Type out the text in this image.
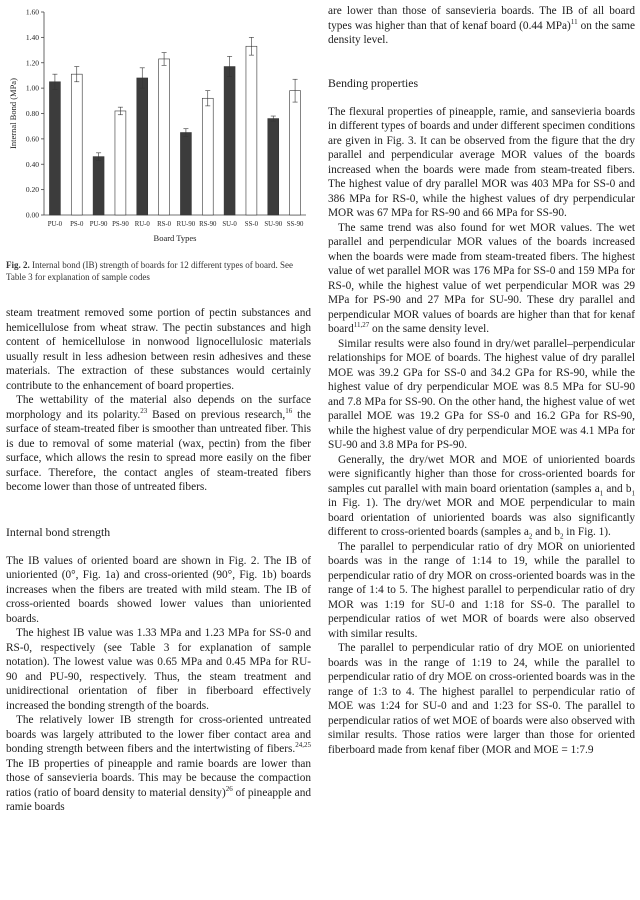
0.00
0.20
0.40
0.60
0.80
1.00
1.20
1.40
1.60
Internal Bond (MPa)
PU-0 PS-0 PU-90 PS-90 RU-0 RS-0 RU-90 RS-90 SU-0 SS-0 SU-90 SS-90
Board Types
Fig. 2. Internal bond (IB) strength of boards for 12 different types of board. See Table 3 for explanation of sample codes

steam treatment removed some portion of pectin substances and hemicellulose from wheat straw. The pectin substances and high content of hemicellulose in nonwood lignocellulosic materials usually result in less adhesion between resin adhesives and these materials. The extraction of these substances would certainly contribute to the enhancement of board properties.

The wettability of the material also depends on the surface morphology and its polarity.$^{23}$ Based on previous research,$^{16}$ the surface of steam-treated fiber is smoother than untreated fiber. This is due to removal of some material (wax, pectin) from the fiber surface, which allows the resin to spread more easily on the fiber surface. Therefore, the contact angles of steam-treated fibers become lower than those of untreated fibers.

Internal bond strength

The IB values of oriented board are shown in Fig. 2. The IB of unioriented (0°, Fig. 1a) and cross-oriented (90°, Fig. 1b) boards increases when the fibers are treated with mild steam. The IB of cross-oriented boards showed lower values than unioriented boards.

The highest IB value was 1.33 MPa and 1.23 MPa for SS-0 and RS-0, respectively (see Table 3 for explanation of sample notation). The lowest value was 0.65 MPa and 0.45 MPa for RU-90 and PU-90, respectively. Thus, the steam treatment and unidirectional orientation of fiber in fiberboard effectively increased the bonding strength of the boards.

The relatively lower IB strength for cross-oriented untreated boards was largely attributed to the lower fiber contact area and bonding strength between fibers and the intertwisting of fibers.$^{24,25}$ The IB properties of pineapple and ramie boards are lower than those of sansevieria boards. This may be because the compaction ratios (ratio of board density to material density)$^{26}$ of pineapple and ramie boards

are lower than those of sansevieria boards. The IB of all board types was higher than that of kenaf board (0.44 MPa)$^{11}$ on the same density level.

Bending properties

The flexural properties of pineapple, ramie, and sansevieria boards in different types of boards and under different specimen conditions are given in Fig. 3. It can be observed from the figure that the dry parallel and perpendicular average MOR values of the boards increased when the boards were made from steam-treated fibers. The highest value of dry parallel MOR was 403 MPa for SS-0 and 386 MPa for RS-0, while the highest values of dry perpendicular MOR was 67 MPa for RS-90 and 66 MPa for SS-90.

The same trend was also found for wet MOR values. The wet parallel and perpendicular MOR values of the boards increased when the boards were made from steam-treated fibers. The highest value of wet parallel MOR was 176 MPa for SS-0 and 159 MPa for RS-0, while the highest value of wet perpendicular MOR was 29 MPa for PS-90 and 27 MPa for SU-90. These dry parallel and perpendicular MOR values of boards are higher than that for kenaf board$^{11,27}$ on the same density level.

Similar results were also found in dry/wet parallel–perpendicular relationships for MOE of boards. The highest value of dry parallel MOE was 39.2 GPa for SS-0 and 34.2 GPa for RS-90, while the highest value of dry perpendicular MOE was 8.5 MPa for SU-90 and 7.8 MPa for SS-90. On the other hand, the highest value of wet parallel MOE was 19.2 GPa for SS-0 and 16.2 GPa for RS-90, while the highest value of dry perpendicular MOE was 4.1 MPa for SU-90 and 3.8 MPa for PS-90.

Generally, the dry/wet MOR and MOE of unioriented boards were significantly higher than those for cross-oriented boards for samples cut parallel with main board orientation (samples $a_1$ and $b_1$ in Fig. 1). The dry/wet MOR and MOE perpendicular to main board orientation of unioriented boards was also significantly different to cross-oriented boards (samples $a_2$ and $b_2$ in Fig. 1).

The parallel to perpendicular ratio of dry MOR on unioriented boards was in the range of 1:14 to 19, while the parallel to perpendicular ratio of dry MOR on cross-oriented boards was in the range of 1:4 to 5. The highest parallel to perpendicular ratio of dry MOR was 1:19 for SU-0 and 1:18 for SS-0. The parallel to perpendicular ratios of wet MOR of boards were also observed with similar results.

The parallel to perpendicular ratio of dry MOE on unioriented boards was in the range of 1:19 to 24, while the parallel to perpendicular ratio of dry MOE on cross-oriented boards was in the range of 1:3 to 4. The highest parallel to perpendicular ratio of MOE was 1:24 for SU-0 and and 1:23 for SS-0. The parallel to perpendicular ratios of wet MOE of boards were also observed with similar results. Those ratios were larger than those for oriented fiberboard made from kenaf fiber (MOR and MOE = 1:7.9
